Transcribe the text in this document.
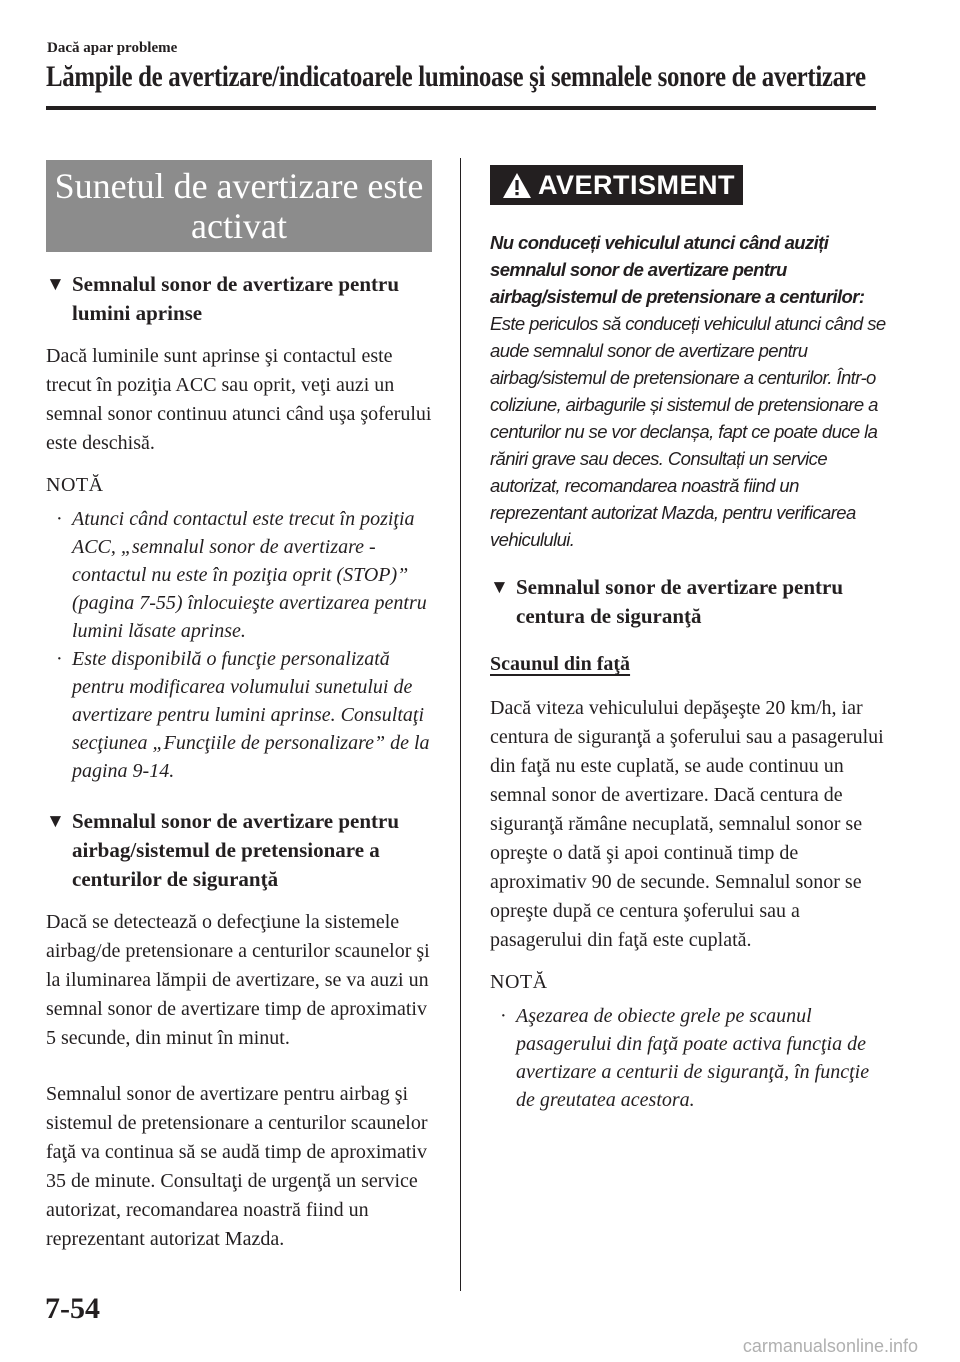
Dacă apar probleme
Lămpile de avertizare/indicatoarele luminoase şi semnalele sonore de avertizare
Sunetul de avertizare este activat
▼ Semnalul sonor de avertizare pentru lumini aprinse

Dacă luminile sunt aprinse şi contactul este trecut în poziţia ACC sau oprit, veţi auzi un semnal sonor continuu atunci când uşa şoferului este deschisă.

NOTĂ
· Atunci când contactul este trecut în poziţia ACC, „semnalul sonor de avertizare - contactul nu este în poziţia oprit (STOP)” (pagina 7-55) înlocuieşte avertizarea pentru lumini lăsate aprinse.
· Este disponibilă o funcţie personalizată pentru modificarea volumului sunetului de avertizare pentru lumini aprinse. Consultaţi secţiunea „Funcţiile de personalizare” de la pagina 9-14.
▼ Semnalul sonor de avertizare pentru airbag/sistemul de pretensionare a centurilor de siguranţă

Dacă se detectează o defecţiune la sistemele airbag/de pretensionare a centurilor scaunelor şi la iluminarea lămpii de avertizare, se va auzi un semnal sonor de avertizare timp de aproximativ 5 secunde, din minut în minut.

Semnalul sonor de avertizare pentru airbag şi sistemul de pretensionare a centurilor scaunelor faţă va continua să se audă timp de aproximativ 35 de minute. Consultaţi de urgenţă un service autorizat, recomandarea noastră fiind un reprezentant autorizat Mazda.

AVERTISMENT
Nu conduceți vehiculul atunci când auziți semnalul sonor de avertizare pentru airbag/sistemul de pretensionare a centurilor:
Este periculos să conduceți vehiculul atunci când se aude semnalul sonor de avertizare pentru airbag/sistemul de pretensionare a centurilor. Într-o coliziune, airbagurile și sistemul de pretensionare a centurilor nu se vor declanșa, fapt ce poate duce la răniri grave sau deces. Consultați un service autorizat, recomandarea noastră ﬁind un reprezentant autorizat Mazda, pentru veriﬁcarea vehiculului.
▼ Semnalul sonor de avertizare pentru centura de siguranţă
Scaunul din faţă

Dacă viteza vehiculului depăşeşte 20 km/h, iar centura de siguranţă a şoferului sau a pasagerului din faţă nu este cuplată, se aude continuu un semnal sonor de avertizare. Dacă centura de siguranţă rămâne necuplată, semnalul sonor se opreşte o dată şi apoi continuă timp de aproximativ 90 de secunde. Semnalul sonor se opreşte după ce centura şoferului sau a pasagerului din faţă este cuplată.

NOTĂ
· Aşezarea de obiecte grele pe scaunul pasagerului din faţă poate activa funcţia de avertizare a centurii de siguranţă, în funcţie de greutatea acestora.
7-54
carmanualsonline.info
